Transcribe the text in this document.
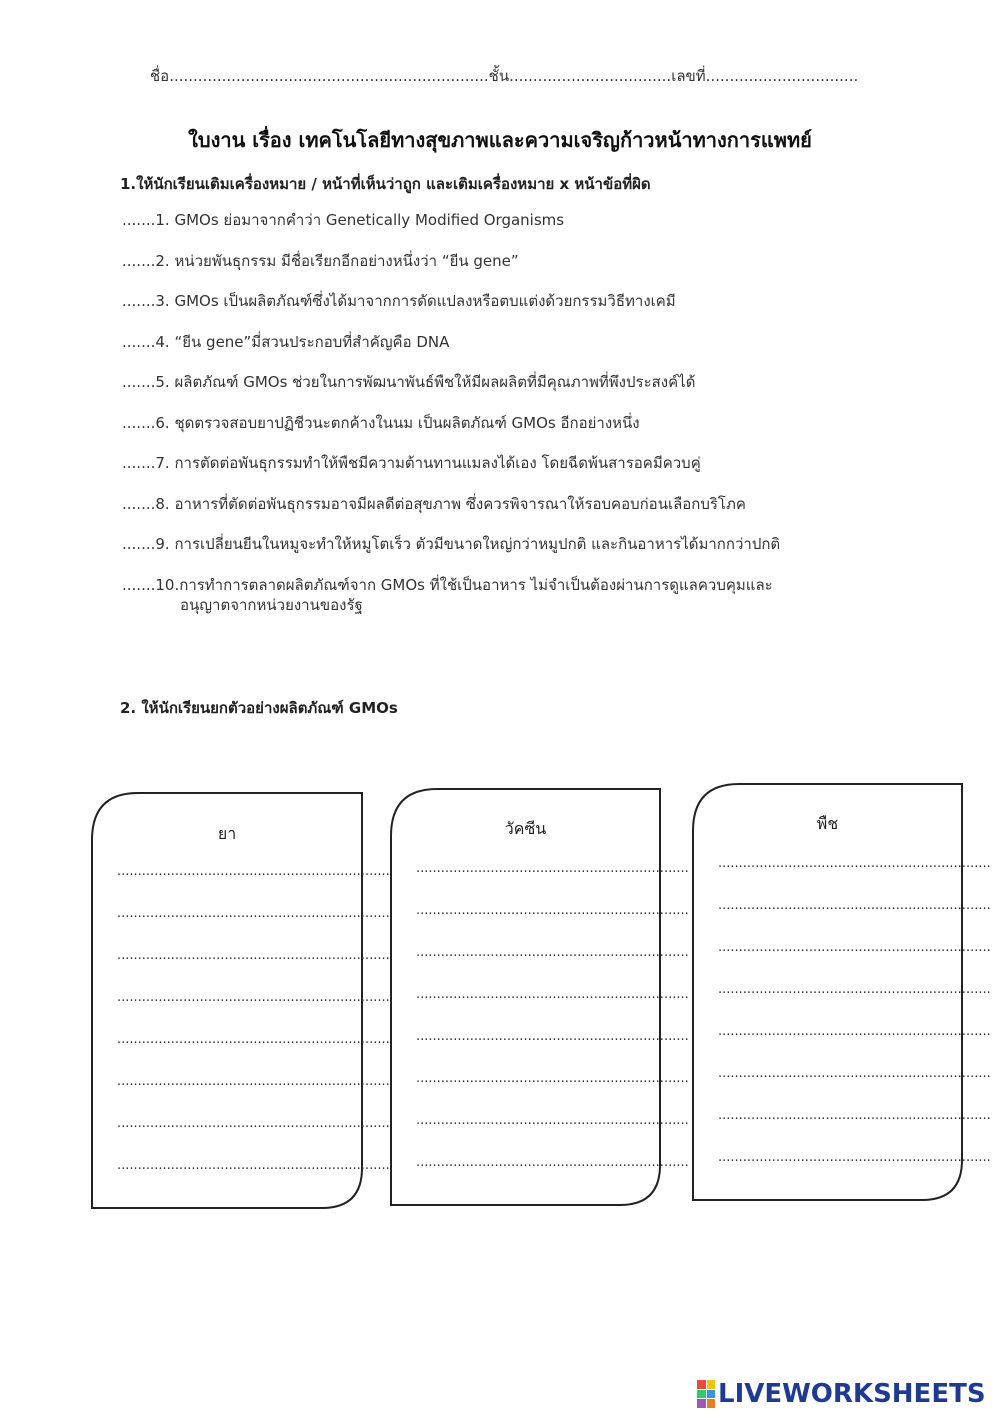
ชื่อ...................................................................ชั้น..................................เลขที่................................
ใบงาน เรื่อง เทคโนโลยีทางสุขภาพและความเจริญก้าวหน้าทางการแพทย์
1.ให้นักเรียนเติมเครื่องหมาย / หน้าที่เห็นว่าถูก และเติมเครื่องหมาย x หน้าข้อที่ผิด
.......1. GMOs ย่อมาจากคำว่า Genetically Modified Organisms
.......2. หน่วยพันธุกรรม มีชื่อเรียกอีกอย่างหนึ่งว่า “ยีน gene”
.......3. GMOs เป็นผลิตภัณฑ์ซึ่งได้มาจากการดัดแปลงหรือตบแต่งด้วยกรรมวิธีทางเคมี
.......4. “ยีน gene”มี่สวนประกอบที่สำคัญคือ DNA
.......5. ผลิตภัณฑ์ GMOs ช่วยในการพัฒนาพันธ์พืชให้มีผลผลิตที่มีคุณภาพที่พึงประสงค์ได้
.......6. ชุดตรวจสอบยาปฏิชีวนะตกค้างในนม เป็นผลิตภัณฑ์ GMOs อีกอย่างหนึ่ง
.......7. การตัดต่อพันธุกรรมทำให้พืชมีความต้านทานแมลงได้เอง โดยฉีดพ้นสารอคมีควบคู่
.......8. อาหารที่ตัดต่อพันธุกรรมอาจมีผลดีต่อสุขภาพ ซึ่งควรพิจารณาให้รอบคอบก่อนเลือกบริโภค
.......9. การเปลี่ยนยีนในหมูจะทำให้หมูโตเร็ว ตัวมีขนาดใหญ่กว่าหมูปกติ และกินอาหารได้มากกว่าปกติ
.......10.การทำการตลาดผลิตภัณฑ์จาก GMOs ที่ใช้เป็นอาหาร ไม่จำเป็นต้องผ่านการดูแลควบคุมและ
อนุญาตจากหน่วยงานของรัฐ
2. ให้นักเรียนยกตัวอย่างผลิตภัณฑ์ GMOs
ยา
..................................................................
..................................................................
..................................................................
..................................................................
..................................................................
..................................................................
..................................................................
..................................................................
วัคซีน
..................................................................
..................................................................
..................................................................
..................................................................
..................................................................
..................................................................
..................................................................
..................................................................
พืช
..................................................................
..................................................................
..................................................................
..................................................................
..................................................................
..................................................................
..................................................................
..................................................................
LIVEWORKSHEETS
